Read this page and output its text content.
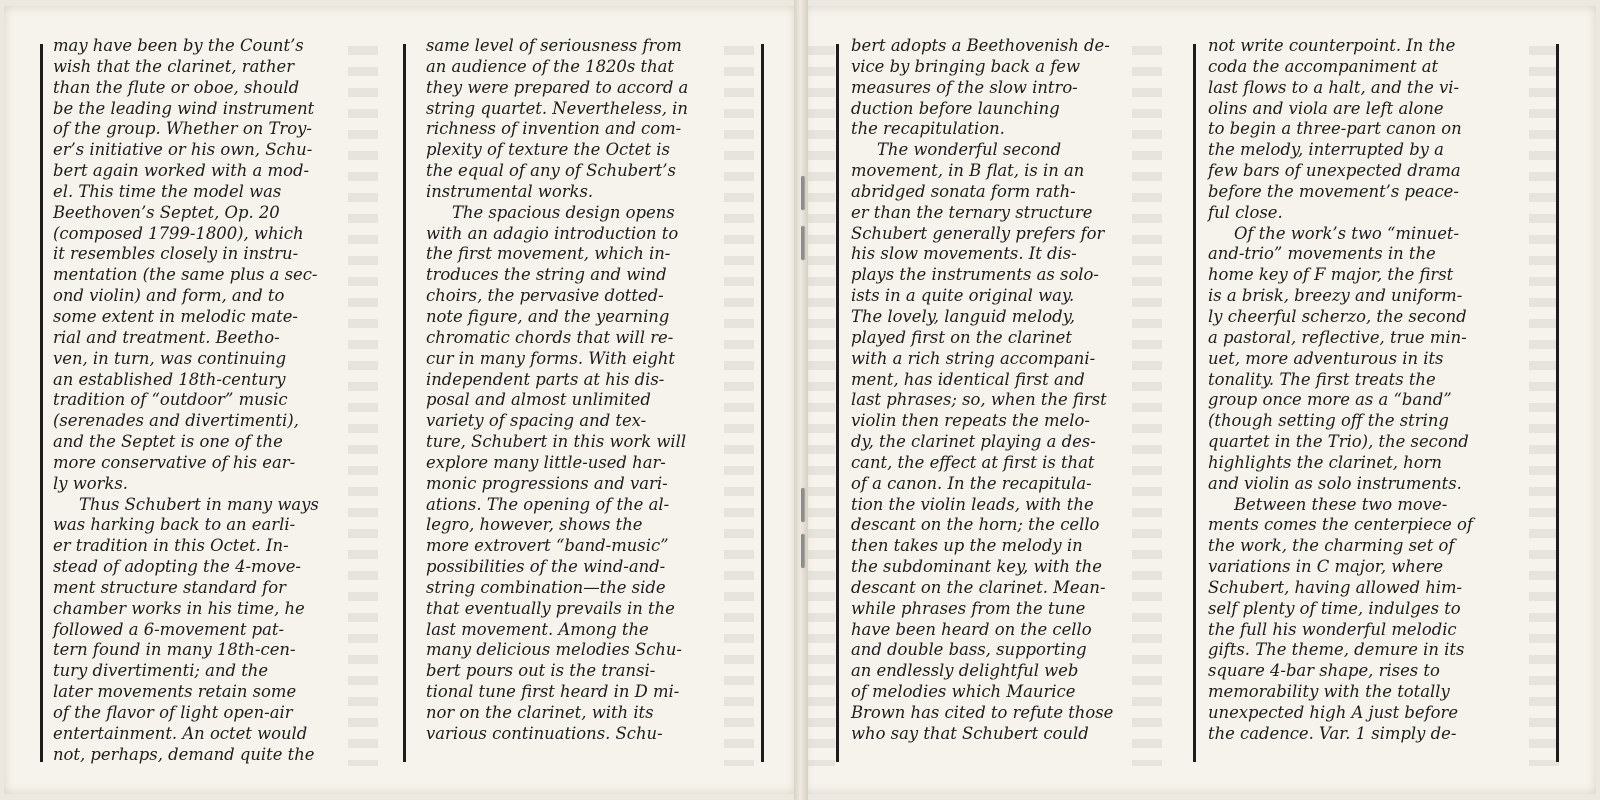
may have been by the Count’s
wish that the clarinet, rather
than the flute or oboe, should
be the leading wind instrument
of the group. Whether on Troy-
er’s initiative or his own, Schu-
bert again worked with a mod-
el. This time the model was
Beethoven’s Septet, Op. 20
(composed 1799-1800), which
it resembles closely in instru-
mentation (the same plus a sec-
ond violin) and form, and to
some extent in melodic mate-
rial and treatment. Beetho-
ven, in turn, was continuing
an established 18th-century
tradition of “outdoor” music
(serenades and divertimenti),
and the Septet is one of the
more conservative of his ear-
ly works.
Thus Schubert in many ways
was harking back to an earli-
er tradition in this Octet. In-
stead of adopting the 4-move-
ment structure standard for
chamber works in his time, he
followed a 6-movement pat-
tern found in many 18th-cen-
tury divertimenti; and the
later movements retain some
of the flavor of light open-air
entertainment. An octet would
not, perhaps, demand quite the
same level of seriousness from
an audience of the 1820s that
they were prepared to accord a
string quartet. Nevertheless, in
richness of invention and com-
plexity of texture the Octet is
the equal of any of Schubert’s
instrumental works.
The spacious design opens
with an adagio introduction to
the first movement, which in-
troduces the string and wind
choirs, the pervasive dotted-
note figure, and the yearning
chromatic chords that will re-
cur in many forms. With eight
independent parts at his dis-
posal and almost unlimited
variety of spacing and tex-
ture, Schubert in this work will
explore many little-used har-
monic progressions and vari-
ations. The opening of the al-
legro, however, shows the
more extrovert “band-music”
possibilities of the wind-and-
string combination—the side
that eventually prevails in the
last movement. Among the
many delicious melodies Schu-
bert pours out is the transi-
tional tune first heard in D mi-
nor on the clarinet, with its
various continuations. Schu-
bert adopts a Beethovenish de-
vice by bringing back a few
measures of the slow intro-
duction before launching
the recapitulation.
The wonderful second
movement, in B flat, is in an
abridged sonata form rath-
er than the ternary structure
Schubert generally prefers for
his slow movements. It dis-
plays the instruments as solo-
ists in a quite original way.
The lovely, languid melody,
played first on the clarinet
with a rich string accompani-
ment, has identical first and
last phrases; so, when the first
violin then repeats the melo-
dy, the clarinet playing a des-
cant, the effect at first is that
of a canon. In the recapitula-
tion the violin leads, with the
descant on the horn; the cello
then takes up the melody in
the subdominant key, with the
descant on the clarinet. Mean-
while phrases from the tune
have been heard on the cello
and double bass, supporting
an endlessly delightful web
of melodies which Maurice
Brown has cited to refute those
who say that Schubert could
not write counterpoint. In the
coda the accompaniment at
last flows to a halt, and the vi-
olins and viola are left alone
to begin a three-part canon on
the melody, interrupted by a
few bars of unexpected drama
before the movement’s peace-
ful close.
Of the work’s two “minuet-
and-trio” movements in the
home key of F major, the first
is a brisk, breezy and uniform-
ly cheerful scherzo, the second
a pastoral, reflective, true min-
uet, more adventurous in its
tonality. The first treats the
group once more as a “band”
(though setting off the string
quartet in the Trio), the second
highlights the clarinet, horn
and violin as solo instruments.
Between these two move-
ments comes the centerpiece of
the work, the charming set of
variations in C major, where
Schubert, having allowed him-
self plenty of time, indulges to
the full his wonderful melodic
gifts. The theme, demure in its
square 4-bar shape, rises to
memorability with the totally
unexpected high A just before
the cadence. Var. 1 simply de-
